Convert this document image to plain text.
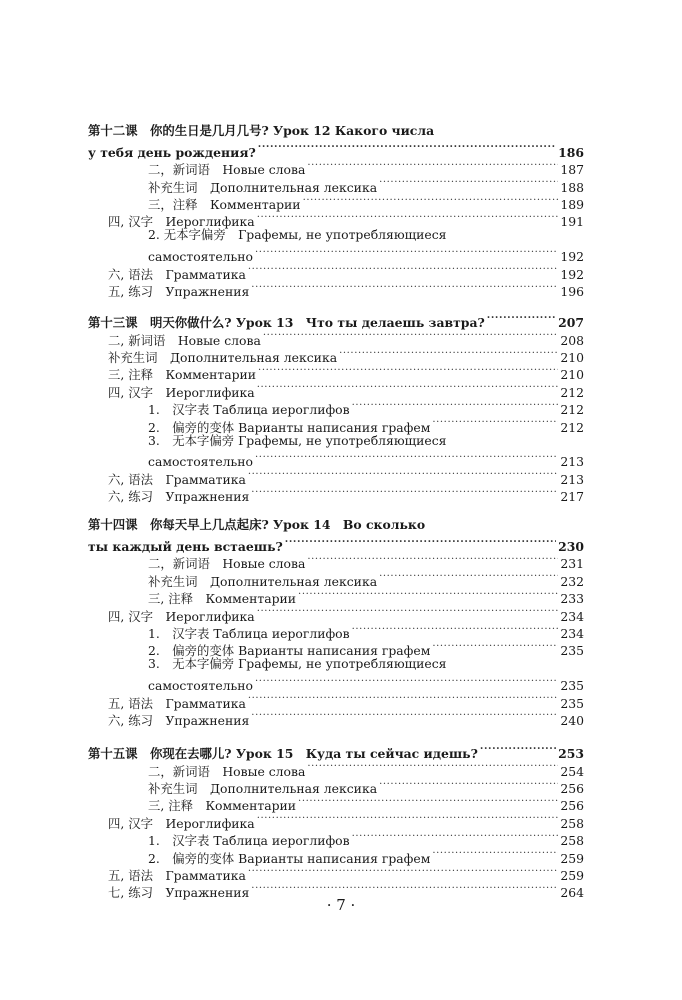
第十二课　你的生日是几月几号? Урок 12 Какого числа
у тебя день рождения? .....	186
二，新词语　Новые слова .....	187
补充生词　Дополнительная лексика .....	188
三，注释　Комментарии .....	189
四, 汉字　Иероглифика .....	191
2. 无本字偏旁　Графемы, не употребляющиеся
самостоятельно .....	192
六, 语法　Грамматика .....	192
五, 练习　Упражнения .....	196
第十三课　明天你做什么? Урок 13　Что ты делаешь завтра? .....	207
二, 新词语　Новые слова .....	208
补充生词　Дополнительная лексика .....	210
三, 注释　Комментарии .....	210
四, 汉字　Иероглифика .....	212
1.　汉字表 Таблица иероглифов .....	212
2.　偏旁的变体 Варианты написания графем .....	212
3.　无本字偏旁 Графемы, не употребляющиеся
самостоятельно .....	213
六, 语法　Грамматика .....	213
六, 练习　Упражнения .....	217
第十四课　你每天早上几点起床? Урок 14　Во сколько
ты каждый день встаешь? .....	230
二，新词语　Новые слова .....	231
补充生词　Дополнительная лексика .....	232
三, 注释　Комментарии .....	233
四, 汉字　Иероглифика .....	234
1.　汉字表 Таблица иероглифов .....	234
2.　偏旁的变体 Варианты написания графем .....	235
3.　无本字偏旁 Графемы, не употребляющиеся
самостоятельно .....	235
五, 语法　Грамматика .....	235
六, 练习　Упражнения .....	240
第十五课　你现在去哪儿? Урок 15　Куда ты сейчас идешь? .....	253
二，新词语　Новые слова .....	254
补充生词　Дополнительная лексика .....	256
三, 注释　Комментарии .....	256
四, 汉字　Иероглифика .....	258
1.　汉字表 Таблица иероглифов .....	258
2.　偏旁的变体 Варианты написания графем .....	259
五, 语法　Грамматика .....	259
七, 练习　Упражнения .....	264
· 7 ·
